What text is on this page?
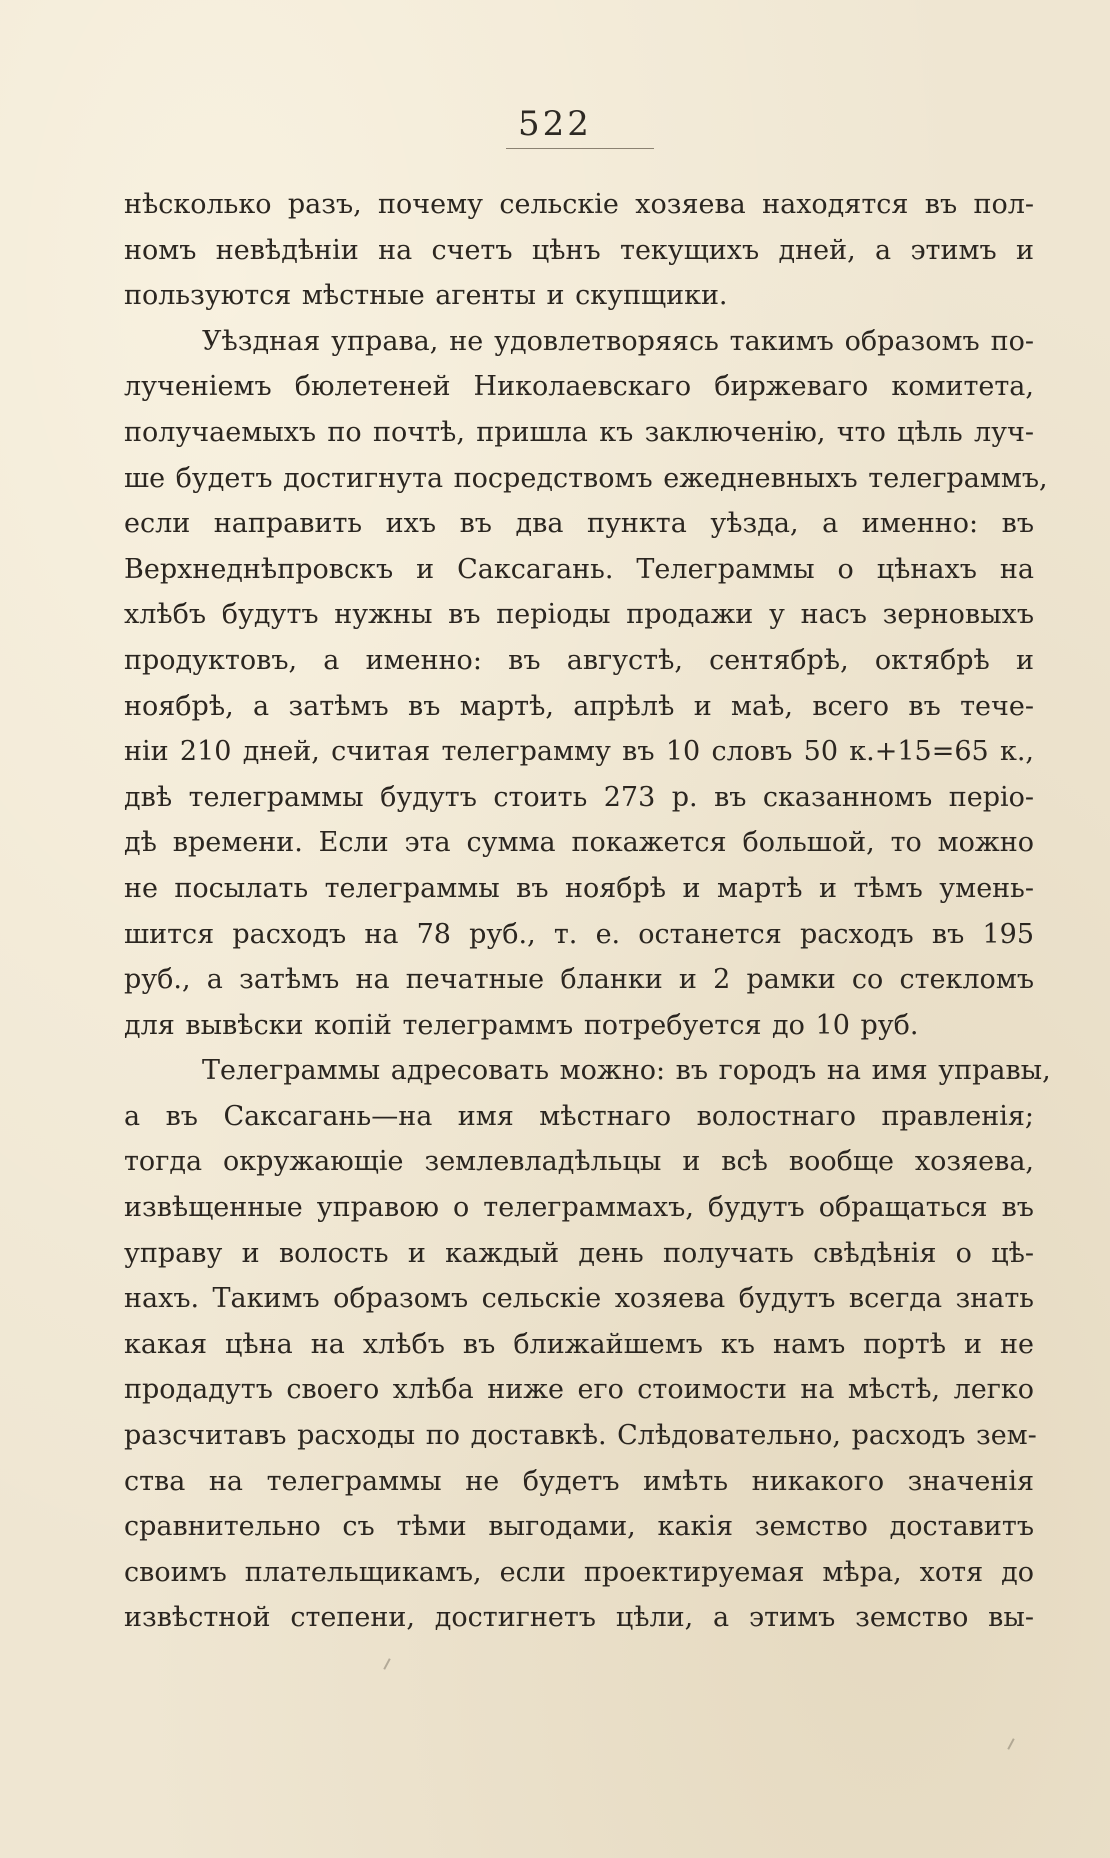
522
нѣсколько разъ, почему сельскіе хозяева находятся въ пол-
номъ невѣдѣніи на счетъ цѣнъ текущихъ дней, а этимъ и
пользуются мѣстные агенты и скупщики.
Уѣздная управа, не удовлетворяясь такимъ образомъ по-
лученіемъ бюлетеней Николаевскаго биржеваго комитета,
получаемыхъ по почтѣ, пришла къ заключенію, что цѣль луч-
ше будетъ достигнута посредствомъ ежедневныхъ телеграммъ,
если направить ихъ въ два пункта уѣзда, а именно: въ
Верхнеднѣпровскъ и Саксагань. Телеграммы о цѣнахъ на
хлѣбъ будутъ нужны въ періоды продажи у насъ зерновыхъ
продуктовъ, а именно: въ августѣ, сентябрѣ, октябрѣ и
ноябрѣ, а затѣмъ въ мартѣ, апрѣлѣ и маѣ, всего въ тече-
ніи 210 дней, считая телеграмму въ 10 словъ 50 к.+15=65 к.,
двѣ телеграммы будутъ стоить 273 р. въ сказанномъ періо-
дѣ времени. Если эта сумма покажется большой, то можно
не посылать телеграммы въ ноябрѣ и мартѣ и тѣмъ умень-
шится расходъ на 78 руб., т. е. останется расходъ въ 195
руб., а затѣмъ на печатные бланки и 2 рамки со стекломъ
для вывѣски копій телеграммъ потребуется до 10 руб.
Телеграммы адресовать можно: въ городъ на имя управы,
а въ Саксагань—на имя мѣстнаго волостнаго правленія;
тогда окружающіе землевладѣльцы и всѣ вообще хозяева,
извѣщенные управою о телеграммахъ, будутъ обращаться въ
управу и волость и каждый день получать свѣдѣнія о цѣ-
нахъ. Такимъ образомъ сельскіе хозяева будутъ всегда знать
какая цѣна на хлѣбъ въ ближайшемъ къ намъ портѣ и не
продадутъ своего хлѣба ниже его стоимости на мѣстѣ, легко
разсчитавъ расходы по доставкѣ. Слѣдовательно, расходъ зем-
ства на телеграммы не будетъ имѣть никакого значенія
сравнительно съ тѣми выгодами, какія земство доставитъ
своимъ плательщикамъ, если проектируемая мѣра, хотя до
извѣстной степени, достигнетъ цѣли, а этимъ земство вы-
